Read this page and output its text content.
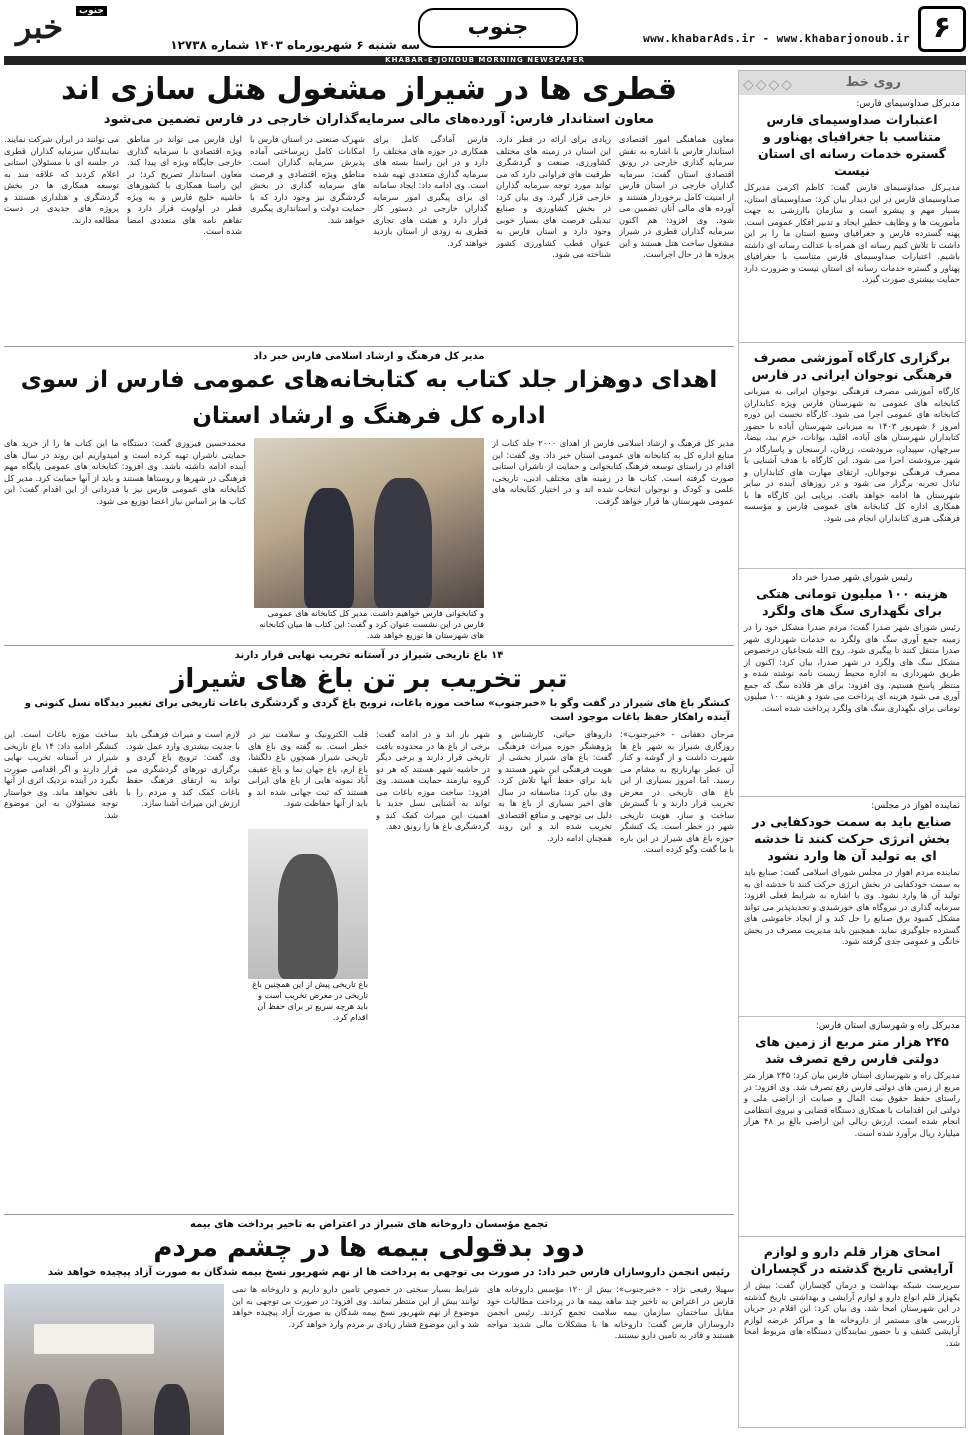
۶
www.khabarAds.ir - www.khabarjonoub.ir
جنوب
سه شنبه ۶ شهریورماه ۱۴۰۳ شماره ۱۲۷۳۸
خبر	جنوب
KHABAR-E-JONOUB MORNING NEWSPAPER
روی خط
◇◇◇◇
مدیرکل صداوسیمای فارس:
اعتبارات صداوسیمای فارس متناسب با جغرافیای پهناور و گستره خدمات رسانه ای استان نیست
مدیـرکل صداوسیمای فارس گفت: کاظم اکرمی مدیرکل صداوسیمای فارس در این دیدار بیان کرد: صداوسیمای استان، بسیار مهم و پیشرو است و سازمان باارزشی به جهت مأموریت ها و وظایف خطیرِ ایجاد و تدبیر افکار عمومی است. پهنه گسترده فارس و جغرافیای وسیع استان ما را بر این داشت تا تلاش کنیم رسانه ای همراه با عدالت رسانه ای داشته باشیم. اعتبارات صداوسیمای فارس متناسب با جغرافیای پهناور و گستره خدمات رسانه ای استان نیست و ضرورت دارد حمایت بیشتری صورت گیرد.
برگزاری کارگاه آموزشی مصرف فرهنگی نوجوان ایرانی در فارس
کارگاه آموزشی مصرف فرهنگی نوجوان ایرانی به میزبانی کتابخانه های عمومی به شهرستان فارس ویژه کتابداران کتابخانه های عمومی اجرا می شود. کارگاه نخست این دوره امروز ۶ شهریور ۱۴۰۳ به میزبانی شهرستان آباده با حضور کتابداران شهرستان های آباده، اقلید، بوانات، خرم بید، بیضا، سرچهان، سپیدان، مرودشت، زرقان، ارسنجان و پاسارگاد در شهر مرودشت اجرا می شود. این کارگاه با هدف آشنایی با مصرف فرهنگی نوجوانان، ارتقای مهارت های کتابداران و تبادل تجربه برگزار می شود و در روزهای آینده در سایر شهرستان ها ادامه خواهد یافت. برپایی این کارگاه ها با همکاری اداره کل کتابخانه های عمومی فارس و مؤسسه فرهنگی هنری کتابداران انجام می شود.
رئیس شورای شهر صدرا خبر داد
هزینه ۱۰۰ میلیون تومانی هتکی برای نگهداری سگ های ولگرد
رئیس شورای شهر صدرا گفت: مردم صدرا مشکل خود را در زمینه جمع آوری سگ های ولگرد به خدمات شهرداری شهر صدرا منتقل کنند تا پیگیری شود. روح الله شجاعیان درخصوص مشکل سگ های ولگرد در شهر صدرا، بیان کرد: اکنون از طریق شهرداری به اداره محیط زیست نامه نوشته شده و منتظر پاسخ هستیم. وی افزود: برای هر قلاده سگ که جمع آوری می شود هزینه ای پرداخت می شود و هزینه ۱۰۰ میلیون تومانی برای نگهداری سگ های ولگرد پرداخت شده است.
نماینده اهواز در مجلس:
صنایع باید به سمت خودکفایی در بخش انرژی حرکت کنند تا خدشه ای به تولید آن ها وارد نشود
نماینده مردم اهواز در مجلس شورای اسلامی گفت: صنایع باید به سمت خودکفایی در بخش انرژی حرکت کنند تا خدشه ای به تولید آن ها وارد نشود. وی با اشاره به شرایط فعلی افزود: سرمایه گذاری در نیروگاه های خورشیدی و تجدیدپذیر می تواند مشکل کمبود برق صنایع را حل کند و از ایجاد خاموشی های گسترده جلوگیری نماید. همچنین باید مدیریت مصرف در بخش خانگی و عمومی جدی گرفته شود.
مدیرکل راه و شهرسازی استان فارس:
۲۴۵ هزار متر مربع از زمین های دولتی فارس رفع تصرف شد
مدیرکل راه و شهرسازی استان فارس بیان کرد: ۲۴۵ هزار متر مربع از زمین های دولتی فارس رفع تصرف شد. وی افزود: در راستای حفظ حقوق بیت المال و صیانت از اراضی ملی و دولتی این اقدامات با همکاری دستگاه قضایی و نیروی انتظامی انجام شده است. ارزش ریالی این اراضی بالغ بر ۴۸ هزار میلیارد ریال برآورد شده است.
امحای هزار قلم دارو و لوازم آرایشی تاریخ گذشته در گچساران
سرپرست شبکه بهداشت و درمان گچساران گفت: بیش از یکهزار قلم انواع دارو و لوازم آرایشی و بهداشتی تاریخ گذشته در این شهرستان امحا شد. وی بیان کرد: این اقلام در جریان بازرسی های مستمر از داروخانه ها و مراکز عرضه لوازم آرایشی کشف و با حضور نمایندگان دستگاه های مربوط امحا شد.
قطری ها در شیراز مشغول هتل سازی اند
معاون استاندار فارس: آورده‌های مالی سرمایه‌گذاران خارجی در فارس تضمین می‌شود
معاون هماهنگی امور اقتصادی استاندار فارس با اشاره به نقش سرمایه گذاری خارجی در رونق اقتصادی استان گفت: سرمایه گذاران خارجی در استان فارس از امنیت کامل برخوردار هستند و آورده های مالی آنان تضمین می شود. وی افزود: هم اکنون سرمایه گذاران قطری در شیراز مشغول ساخت هتل هستند و این پروژه ها در حال اجراست.
زیادی برای ارائه در قطر دارد. این استان در زمینه های مختلف کشاورزی، صنعت و گردشگری ظرفیت های فراوانی دارد که می تواند مورد توجه سرمایه گذاران خارجی قرار گیرد. وی بیان کرد: در بخش کشاورزی و صنایع تبدیلی فرصت های بسیار خوبی وجود دارد و استان فارس به عنوان قطب کشاورزی کشور شناخته می شود.
فارس آمادگی کامل برای همکاری در حوزه های مختلف را دارد و در این راستا بسته های سرمایه گذاری متعددی تهیه شده است. وی ادامه داد: ایجاد سامانه ای برای پیگیری امور سرمایه گذاران خارجی در دستور کار قرار دارد و هیئت های تجاری قطری به زودی از استان بازدید خواهند کرد.
شهرک صنعتی در استان فارس با امکانات کامل زیرساختی آماده پذیرش سرمایه گذاران است. مناطق ویژه اقتصادی و فرصت های سرمایه گذاری در بخش گردشگری نیز وجود دارد که با حمایت دولت و استانداری پیگیری خواهد شد.
اول فارس می تواند در مناطق ویژه اقتصادی با سرمایه گذاری خارجی جایگاه ویژه ای پیدا کند. معاون استاندار تصریح کرد: در این راستا همکاری با کشورهای حاشیه خلیج فارس و به ویژه قطر در اولویت قرار دارد و تفاهم نامه های متعددی امضا شده است.
می توانند در ایران شرکت نمایند. نمایندگان سرمایه گذاران قطری در جلسه ای با مسئولان استانی اعلام کردند که علاقه مند به توسعه همکاری ها در بخش گردشگری و هتلداری هستند و پروژه های جدیدی در دست مطالعه دارند.
مدیر کل فرهنگ و ارشاد اسلامی فارس خبر داد
اهدای دوهزار جلد کتاب به کتابخانه‌های عمومی فارس از سوی اداره کل فرهنگ و ارشاد استان
مدیر کل فرهنگ و ارشاد اسلامی فارس از اهدای ۲۰۰۰ جلد کتاب از منابع اداره کل به کتابخانه های عمومی استان خبر داد. وی گفت: این اقدام در راستای توسعه فرهنگ کتابخوانی و حمایت از ناشران استانی صورت گرفته است. کتاب ها در زمینه های مختلف ادبی، تاریخی، علمی و کودک و نوجوان انتخاب شده اند و در اختیار کتابخانه های عمومی شهرستان ها قرار خواهد گرفت.
و کتابخوانی فارس خواهیم داشت. مدیر کل کتابخانه های عمومی فارس در این نشست عنوان کرد و گفت: این کتاب ها میان کتابخانه های شهرستان ها توزیع خواهد شد.
محمدحسین فیروزی گفت: دستگاه ما این کتاب ها را از خرید های حمایتی ناشران تهیه کرده است و امیدواریم این روند در سال های آینده ادامه داشته باشد. وی افزود: کتابخانه های عمومی پایگاه مهم فرهنگی در شهرها و روستاها هستند و باید از آنها حمایت کرد. مدیر کل کتابخانه های عمومی فارس نیز با قدردانی از این اقدام گفت: این کتاب ها بر اساس نیاز اعضا توزیع می شود.
۱۴ باغ تاریخی شیراز در آستانه تخریب نهایی قرار دارند
تبر تخریب بر تن باغ های شیراز
کنشگر باغ های شیراز در گفت وگو با «خبرجنوب» ساخت موزه باغات، ترویج باغ گردی و گردشگری باغات تاریخی برای تغییر دیدگاه نسل کنونی و آینده راهکار حفظ باغات موجود است
مرجان دهقانی - «خبرجنوب»: روزگاری شیراز به شهر باغ ها شهرت داشت و از گوشه و کنار آن عطر بهارنارنج به مشام می رسید. اما امروز بسیاری از این باغ های تاریخی در معرض تخریب قرار دارند و با گسترش ساخت و ساز، هویت تاریخی شهر در خطر است. یک کنشگر حوزه باغ های شیراز در این باره با ما گفت وگو کرده است.
داروهای حیاتی، کارشناس و پژوهشگر حوزه میراث فرهنگی گفت: باغ های شیراز بخشی از هویت فرهنگی این شهر هستند و باید برای حفظ آنها تلاش کرد. وی بیان کرد: متاسفانه در سال های اخیر بسیاری از باغ ها به دلیل بی توجهی و منافع اقتصادی تخریب شده اند و این روند همچنان ادامه دارد.
شهر باز اند و در ادامه گفت: برخی از باغ ها در محدوده بافت تاریخی قرار دارند و برخی دیگر در حاشیه شهر هستند که هر دو گروه نیازمند حمایت هستند. وی افزود: ساخت موزه باغات می تواند به آشنایی نسل جدید با اهمیت این میراث کمک کند و گردشگری باغ ها را رونق دهد.
قلب الکترونیک و سلامت نیز در خطر است. به گفته وی باغ های تاریخی شیراز همچون باغ دلگشا، باغ ارم، باغ جهان نما و باغ عفیف آباد نمونه هایی از باغ های ایرانی هستند که ثبت جهانی شده اند و باید از آنها حفاظت شود.
باغ تاریخی پیش از این همچنین باغ تاریخی در معرض تخریب است و باید هرچه سریع تر برای حفظ آن اقدام کرد.
لازم است و میراث فرهنگی باید با جدیت بیشتری وارد عمل شود. وی گفت: ترویج باغ گردی و برگزاری تورهای گردشگری می تواند به ارتقای فرهنگ حفظ باغات کمک کند و مردم را با ارزش این میراث آشنا سازد.
ساخت موزه باغات است. این کنشگر ادامه داد: ۱۴ باغ تاریخی شیراز در آستانه تخریب نهایی قرار دارند و اگر اقدامی صورت نگیرد در آینده نزدیک اثری از آنها باقی نخواهد ماند. وی خواستار توجه مسئولان به این موضوع شد.
تجمع مؤسسان داروخانه های شیراز در اعتراض به تاخیر پرداخت های بیمه
دود بدقولی بیمه ها در چشم مردم
رئیس انجمن داروسازان فارس خبر داد: در صورت بی توجهی به پرداخت ها از نهم شهریور نسخ بیمه شدگان به صورت آزاد پیچیده خواهد شد
سهیلا رفیعی نژاد - «خبرجنوب»: بیش از ۱۲۰ مؤسس داروخانه های فارس در اعتراض به تاخیر چند ماهه بیمه ها در پرداخت مطالبات خود مقابل ساختمان سازمان بیمه سلامت تجمع کردند. رئیس انجمن داروسازان فارس گفت: داروخانه ها با مشکلات مالی شدید مواجه هستند و قادر به تامین دارو نیستند.
شرایط بسیار سختی در خصوص تامین دارو داریم و داروخانه ها نمی توانند بیش از این منتظر بمانند. وی افزود: در صورت بی توجهی به این موضوع از نهم شهریور نسخ بیمه شدگان به صورت آزاد پیچیده خواهد شد و این موضوع فشار زیادی بر مردم وارد خواهد کرد.
